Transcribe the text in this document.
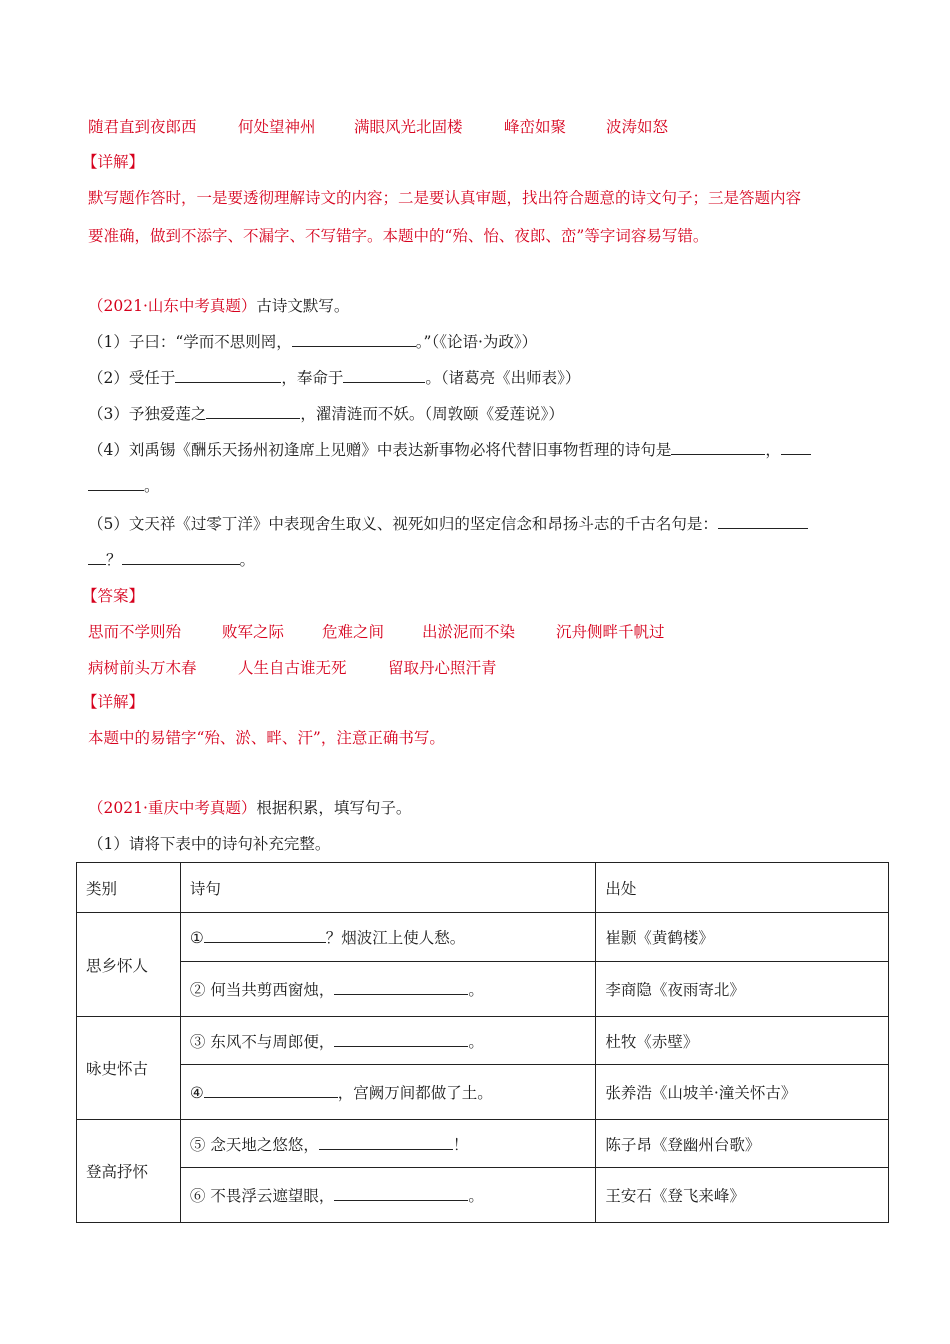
随君直到夜郎西	何处望神州 满眼风光北固楼	峰峦如聚	波涛如怒
【详解】
默写题作答时，一是要透彻理解诗文的内容；二是要认真审题，找出符合题意的诗文句子；三是答题内容
要准确，做到不添字、不漏字、不写错字。本题中的“殆、怡、夜郎、峦”等字词容易写错。
（2021·山东中考真题）古诗文默写。
（1）子曰：“学而不思则罔，	。”（《论语·为政》）
（2）受任于	，奉命于	。（诸葛亮《出师表》）
（3）予独爱莲之	，濯清涟而不妖。（周敦颐《爱莲说》）
（4）刘禹锡《酬乐天扬州初逢席上见赠》中表达新事物必将代替旧事物哲理的诗句是	，
。
（5）文天祥《过零丁洋》中表现舍生取义、视死如归的坚定信念和昂扬斗志的千古名句是：
？	。
【答案】
思而不学则殆	败军之际 危难之间 出淤泥而不染	沉舟侧畔千帆过
病树前头万木春	人生自古谁无死	留取丹心照汗青
【详解】
本题中的易错字“殆、淤、畔、汗”，注意正确书写。
（2021·重庆中考真题）根据积累，填写句子。
（1）请将下表中的诗句补充完整。
类别	诗句	出处
思乡怀人	① ？烟波江上使人愁。	崔颢《黄鹤楼》
	② 何当共剪西窗烛， 。	李商隐《夜雨寄北》
咏史怀古	③ 东风不与周郎便， 。	杜牧《赤壁》
	④ ，宫阙万间都做了土。	张养浩《山坡羊·潼关怀古》
登高抒怀	⑤ 念天地之悠悠， ！	陈子昂《登幽州台歌》
	⑥ 不畏浮云遮望眼， 。	王安石《登飞来峰》
